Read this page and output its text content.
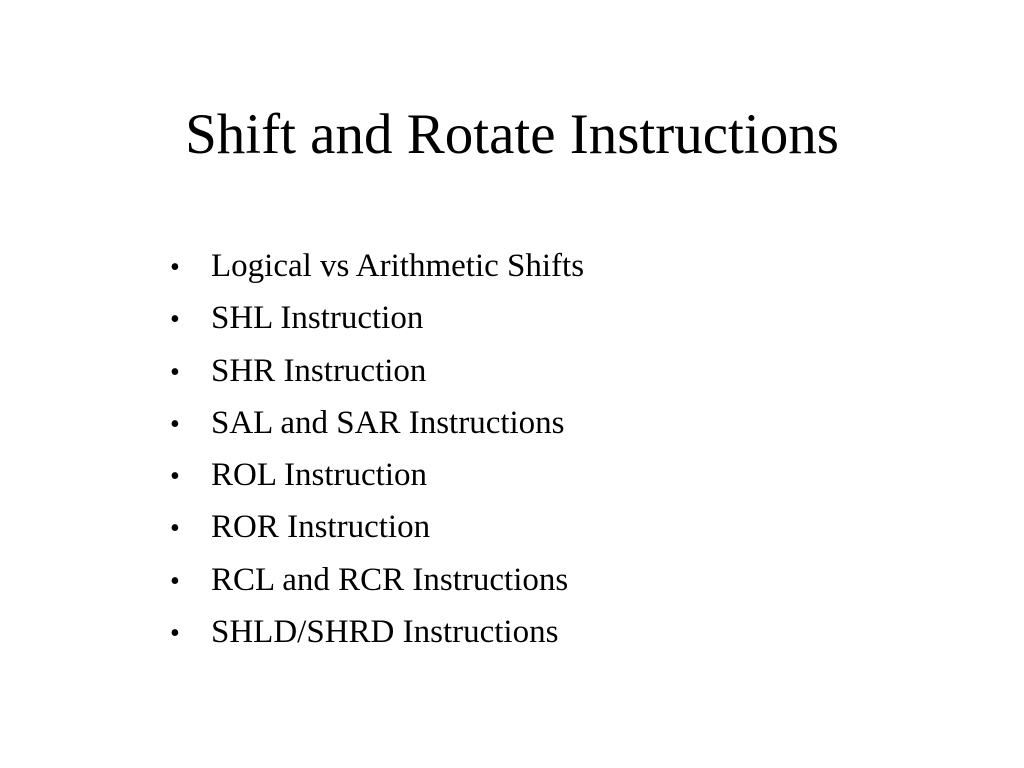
Shift and Rotate Instructions
• Logical vs Arithmetic Shifts
• SHL Instruction
• SHR Instruction
• SAL and SAR Instructions
• ROL Instruction
• ROR Instruction
• RCL and RCR Instructions
• SHLD/SHRD Instructions
